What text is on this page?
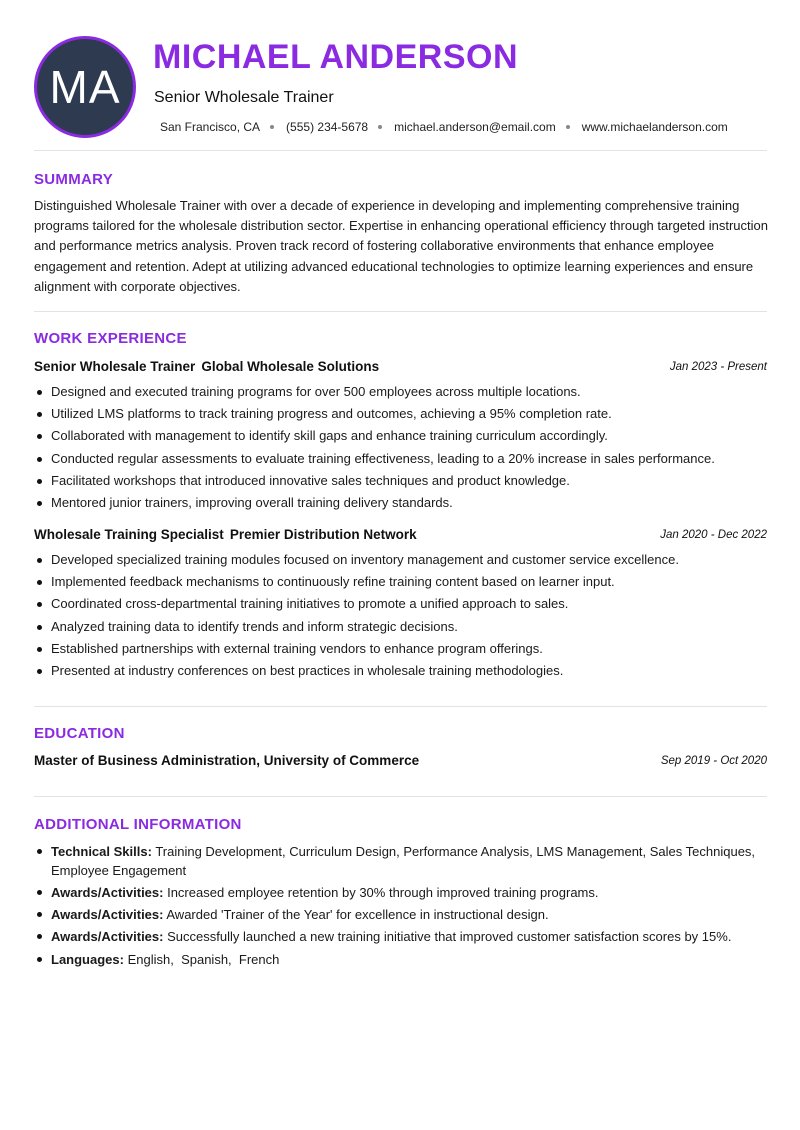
MA
MICHAEL ANDERSON
Senior Wholesale Trainer
San Francisco, CA (555) 234-5678 michael.anderson@email.com www.michaelanderson.com
SUMMARY
Distinguished Wholesale Trainer with over a decade of experience in developing and implementing comprehensive training programs tailored for the wholesale distribution sector. Expertise in enhancing operational efficiency through targeted instruction and performance metrics analysis. Proven track record of fostering collaborative environments that enhance employee engagement and retention. Adept at utilizing advanced educational technologies to optimize learning experiences and ensure alignment with corporate objectives.
WORK EXPERIENCE
Senior Wholesale Trainer Global Wholesale Solutions	Jan 2023 - Present
Designed and executed training programs for over 500 employees across multiple locations.
Utilized LMS platforms to track training progress and outcomes, achieving a 95% completion rate.
Collaborated with management to identify skill gaps and enhance training curriculum accordingly.
Conducted regular assessments to evaluate training effectiveness, leading to a 20% increase in sales performance.
Facilitated workshops that introduced innovative sales techniques and product knowledge.
Mentored junior trainers, improving overall training delivery standards.
Wholesale Training Specialist Premier Distribution Network	Jan 2020 - Dec 2022
Developed specialized training modules focused on inventory management and customer service excellence.
Implemented feedback mechanisms to continuously refine training content based on learner input.
Coordinated cross-departmental training initiatives to promote a unified approach to sales.
Analyzed training data to identify trends and inform strategic decisions.
Established partnerships with external training vendors to enhance program offerings.
Presented at industry conferences on best practices in wholesale training methodologies.
EDUCATION
Master of Business Administration, University of Commerce	Sep 2019 - Oct 2020
ADDITIONAL INFORMATION
Technical Skills: Training Development, Curriculum Design, Performance Analysis, LMS Management, Sales Techniques, Employee Engagement
Awards/Activities: Increased employee retention by 30% through improved training programs.
Awards/Activities: Awarded 'Trainer of the Year' for excellence in instructional design.
Awards/Activities: Successfully launched a new training initiative that improved customer satisfaction scores by 15%.
Languages: English,  Spanish,  French
